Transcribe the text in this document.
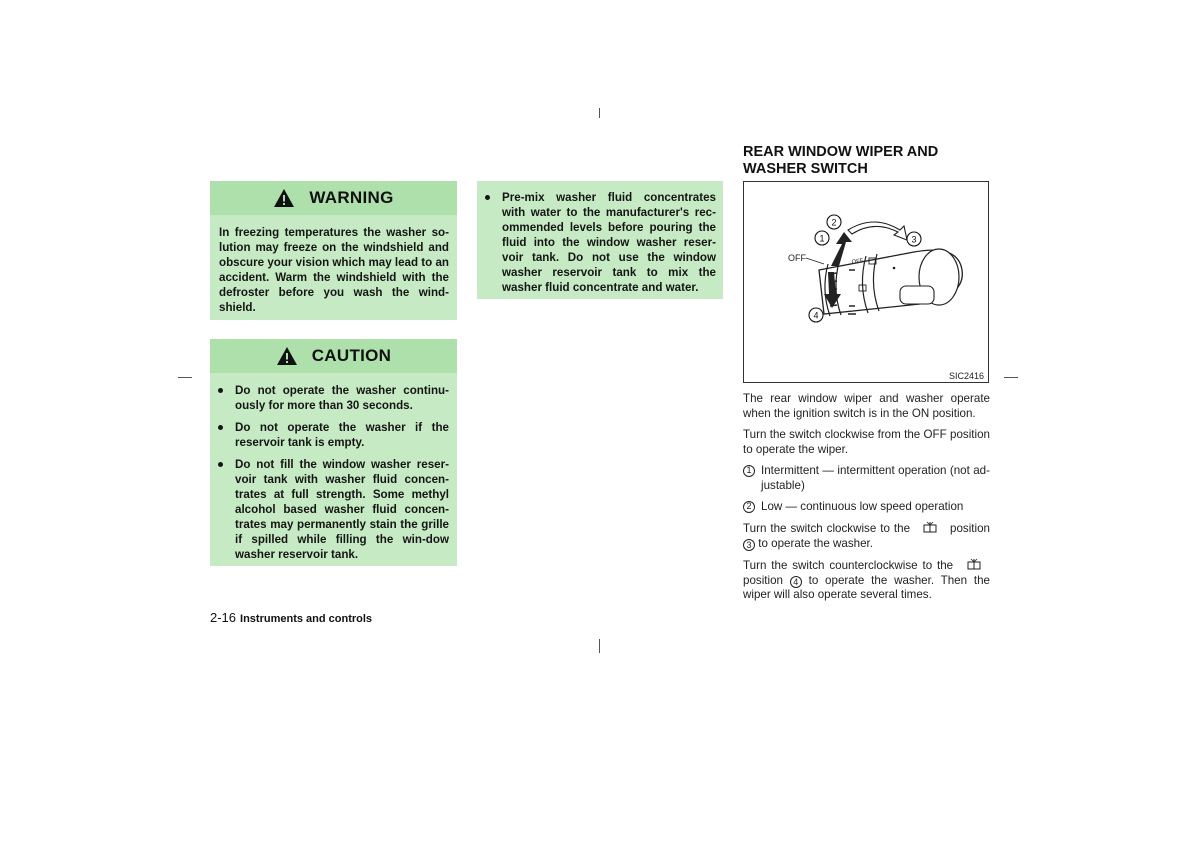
WARNING
In freezing temperatures the washer so-lution may freeze on the windshield and obscure your vision which may lead to an accident. Warm the windshield with the defroster before you wash the wind-shield.
CAUTION
Do not operate the washer continu-ously for more than 30 seconds.
Do not operate the washer if the reservoir tank is empty.
Do not fill the window washer reser-voir tank with washer fluid concen-trates at full strength. Some methyl alcohol based washer fluid concen-trates may permanently stain the grille if spilled while filling the win-dow washer reservoir tank.
Pre-mix washer fluid concentrates with water to the manufacturer's rec-ommended levels before pouring the fluid into the window washer reser-voir tank. Do not use the window washer reservoir tank to mix the washer fluid concentrate and water.
REAR WINDOW WIPER AND WASHER SWITCH
OFF
OFF
2
1	3
4
SIC2416

The rear window wiper and washer operate when the ignition switch is in the ON position.

Turn the switch clockwise from the OFF position to operate the wiper.

1 Intermittent — intermittent operation (not ad-justable)
2 Low — continuous low speed operation

Turn the switch clockwise to the	position 3 to operate the washer.

Turn the switch counterclockwise to the  position 4 to operate the washer. Then the wiper will also operate several times.

2-16 Instruments and controls
